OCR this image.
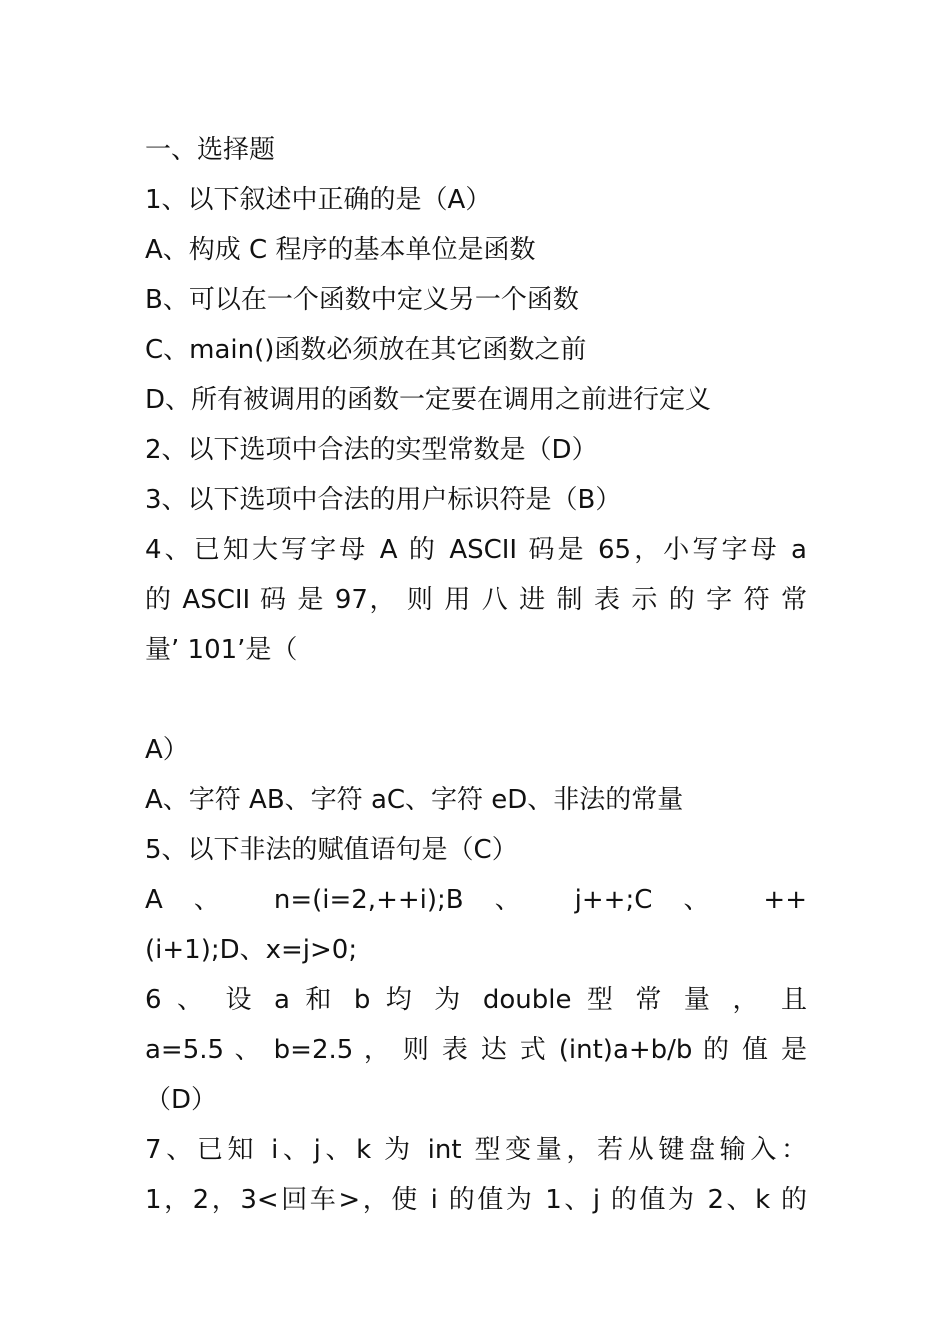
一、选择题
1、以下叙述中正确的是（A）
A、构成 C 程序的基本单位是函数
B、可以在一个函数中定义另一个函数
C、main()函数必须放在其它函数之前
D、所有被调用的函数一定要在调用之前进行定义
2、以下选项中合法的实型常数是（D）
3、以下选项中合法的用户标识符是（B）
4、已知大写字母 A 的 ASCII 码是 65，小写字母 a
的 ASCII 码 是 97， 则 用 八 进 制 表 示 的 字 符 常
量’ 101’是（
A）
A、字符 AB、字符 aC、字符 eD、非法的常量
5、以下非法的赋值语句是（C）
A 、 n=(i=2,++i);B 、 j++;C 、 ++
(i+1);D、x=j>0;
6 、 设 a 和 b 均 为 double 型 常 量 ， 且
a=5.5 、 b=2.5 ， 则 表 达 式 (int)a+b/b 的 值 是
（D）
7、已知 i、j、k 为 int 型变量，若从键盘输入：
1，2，3<回车>，使 i 的值为 1、j 的值为 2、k 的
